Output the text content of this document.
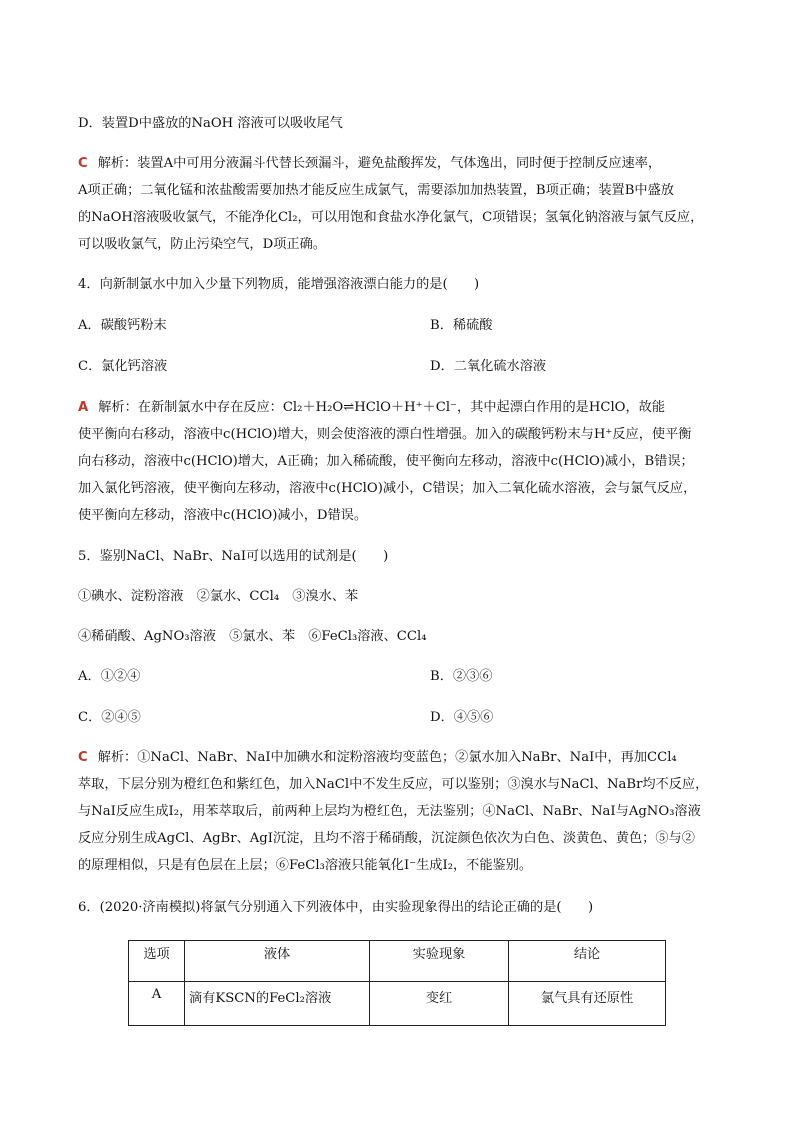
D．装置D中盛放的NaOH 溶液可以吸收尾气

C 解析：装置A中可用分液漏斗代替长颈漏斗，避免盐酸挥发，气体逸出，同时便于控制反应速率，

A项正确；二氧化锰和浓盐酸需要加热才能反应生成氯气，需要添加加热装置，B项正确；装置B中盛放

的NaOH溶液吸收氯气，不能净化Cl₂，可以用饱和食盐水净化氯气，C项错误；氢氧化钠溶液与氯气反应，

可以吸收氯气，防止污染空气，D项正确。

4．向新制氯水中加入少量下列物质，能增强溶液漂白能力的是(　　)

A．碳酸钙粉末	B．稀硫酸

C．氯化钙溶液	D．二氧化硫水溶液

A 解析：在新制氯水中存在反应：Cl₂＋H₂O⇌HClO＋H⁺＋Cl⁻，其中起漂白作用的是HClO，故能

使平衡向右移动，溶液中c(HClO)增大，则会使溶液的漂白性增强。加入的碳酸钙粉末与H⁺反应，使平衡

向右移动，溶液中c(HClO)增大，A正确；加入稀硫酸，使平衡向左移动，溶液中c(HClO)减小，B错误；

加入氯化钙溶液，使平衡向左移动，溶液中c(HClO)减小，C错误；加入二氧化硫水溶液，会与氯气反应，

使平衡向左移动，溶液中c(HClO)减小，D错误。

5．鉴别NaCl、NaBr、NaI可以选用的试剂是(　　)

①碘水、淀粉溶液　②氯水、CCl₄　③溴水、苯

④稀硝酸、AgNO₃溶液　⑤氯水、苯　⑥FeCl₃溶液、CCl₄

A．①②④	B．②③⑥

C．②④⑤	D．④⑤⑥

C 解析：①NaCl、NaBr、NaI中加碘水和淀粉溶液均变蓝色；②氯水加入NaBr、NaI中，再加CCl₄

萃取，下层分别为橙红色和紫红色，加入NaCl中不发生反应，可以鉴别；③溴水与NaCl、NaBr均不反应，

与NaI反应生成I₂，用苯萃取后，前两种上层均为橙红色，无法鉴别；④NaCl、NaBr、NaI与AgNO₃溶液

反应分别生成AgCl、AgBr、AgI沉淀，且均不溶于稀硝酸，沉淀颜色依次为白色、淡黄色、黄色；⑤与②

的原理相似，只是有色层在上层；⑥FeCl₃溶液只能氧化I⁻生成I₂，不能鉴别。

6．(2020·济南模拟)将氯气分别通入下列液体中，由实验现象得出的结论正确的是(　　)

选项	液体	实验现象	结论
A	滴有KSCN的FeCl₂溶液	变红	氯气具有还原性
